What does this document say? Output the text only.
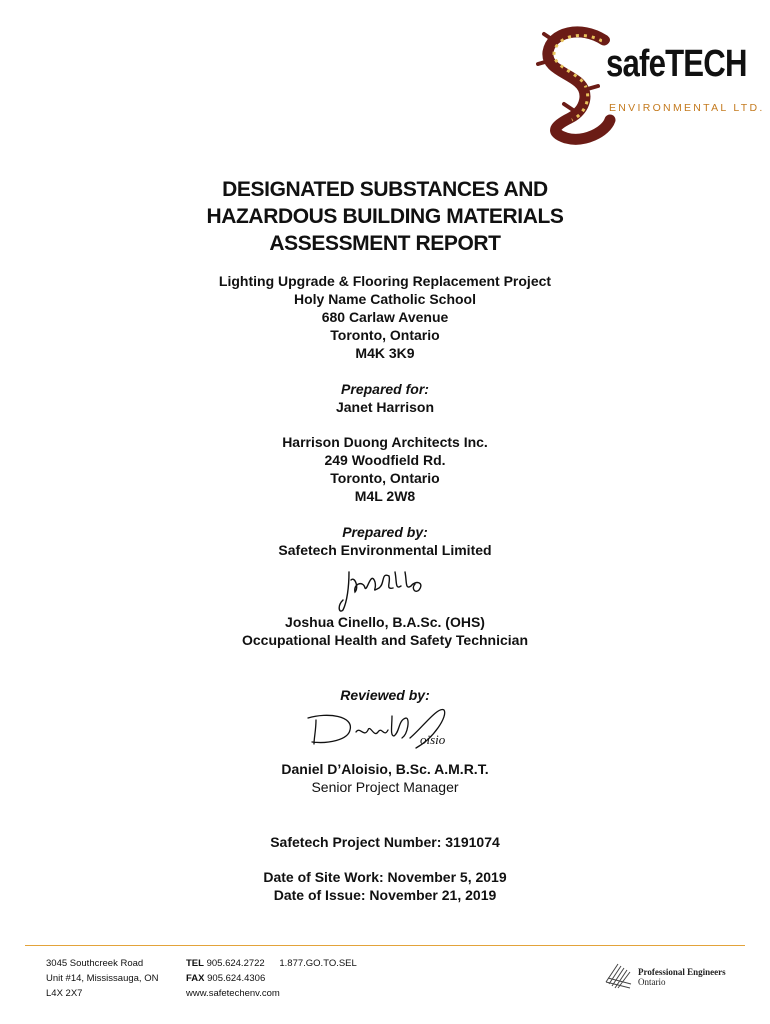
safeTECH
ENVIRONMENTAL LTD.
DESIGNATED SUBSTANCES AND
HAZARDOUS BUILDING MATERIALS
ASSESSMENT REPORT
Lighting Upgrade & Flooring Replacement Project
Holy Name Catholic School
680 Carlaw Avenue
Toronto, Ontario
M4K 3K9
Prepared for:
Janet Harrison
Harrison Duong Architects Inc.
249 Woodfield Rd.
Toronto, Ontario
M4L 2W8
Prepared by:
Safetech Environmental Limited
Joshua Cinello, B.A.Sc. (OHS)
Occupational Health and Safety Technician
Reviewed by:
oisio
Daniel D’Aloisio, B.Sc. A.M.R.T.
Senior Project Manager
Safetech Project Number: 3191074
Date of Site Work: November 5, 2019
Date of Issue: November 21, 2019
3045 Southcreek Road
Unit #14, Mississauga, ON
L4X 2X7
TEL 905.624.2722 1.877.GO.TO.SEL
FAX 905.624.4306
www.safetechenv.com
Professional Engineers
Ontario
